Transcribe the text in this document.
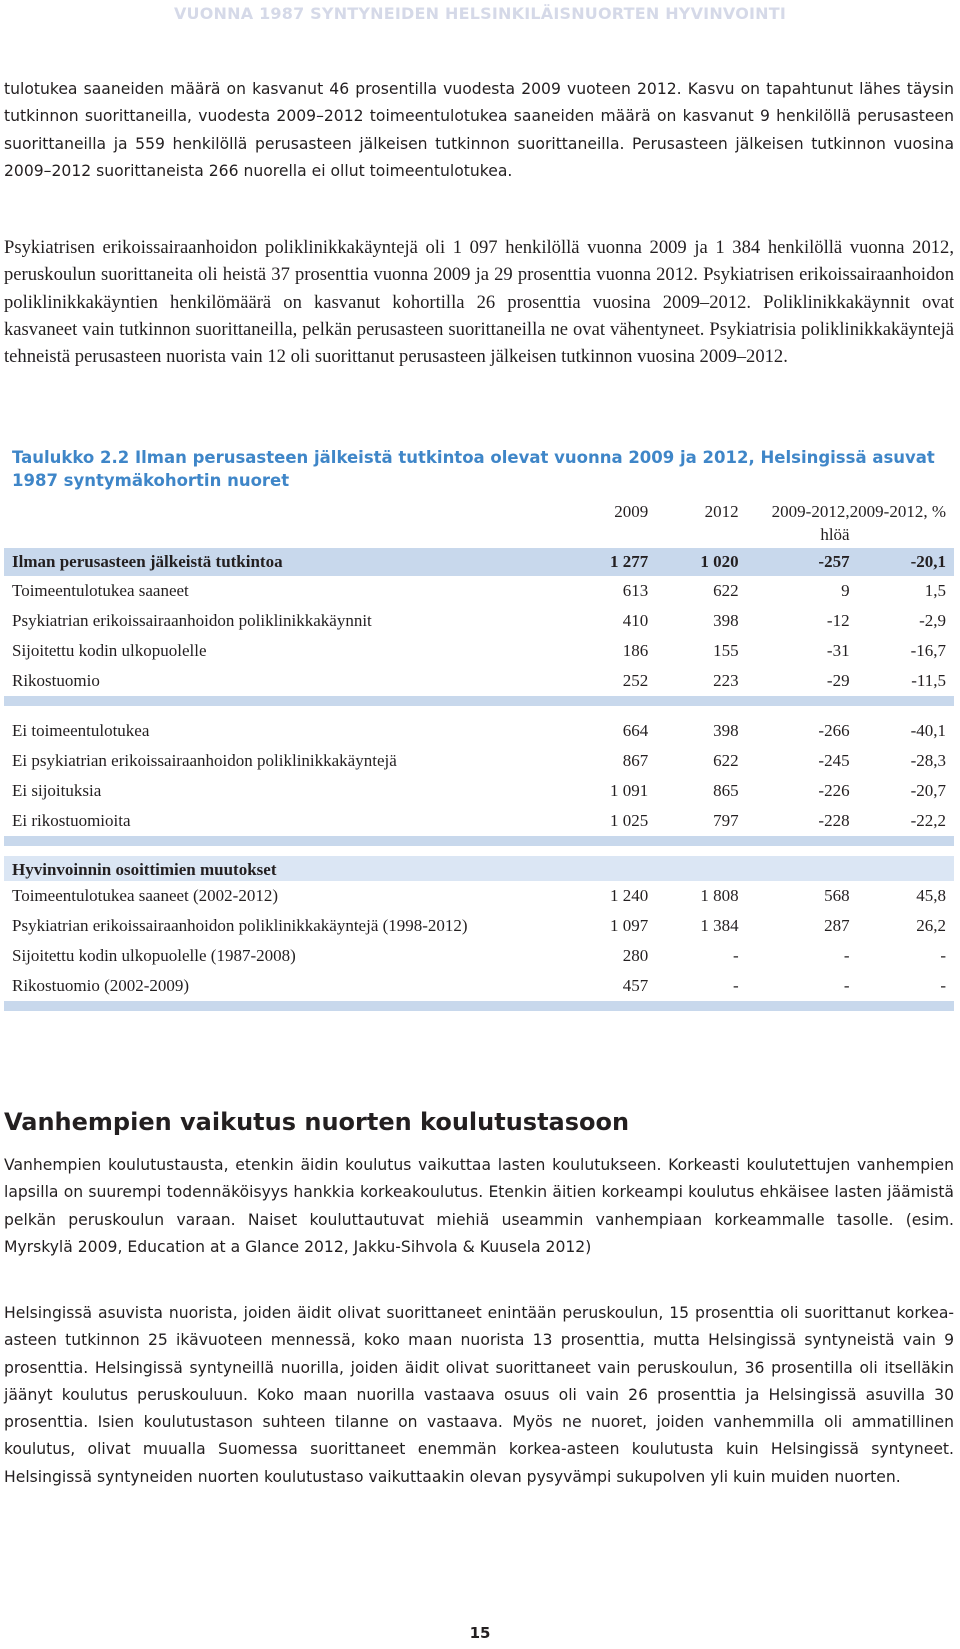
VUONNA 1987 SYNTYNEIDEN HELSINKILÄISNUORTEN HYVINVOINTI

tulotukea saaneiden määrä on kasvanut 46 prosentilla vuodesta 2009 vuoteen 2012. Kasvu on tapahtunut lähes täysin tutkinnon suorittaneilla, vuodesta 2009–2012 toimeentulotukea saaneiden määrä on kasvanut 9 henkilöllä perusasteen suorittaneilla ja 559 henkilöllä perusasteen jälkeisen tutkinnon suorittaneilla. Perusasteen jälkeisen tutkinnon vuosina 2009–2012 suorittaneista 266 nuorella ei ollut toimeentulotukea.

Psykiatrisen erikoissairaanhoidon poliklinikkakäyntejä oli 1 097 henkilöllä vuonna 2009 ja 1 384 henkilöllä vuonna 2012, peruskoulun suorittaneita oli heistä 37 prosenttia vuonna 2009 ja 29 prosenttia vuonna 2012. Psykiatrisen erikoissairaanhoidon poliklinikkakäyntien henkilömäärä on kasvanut kohortilla 26 prosenttia vuosina 2009–2012. Poliklinikkakäynnit ovat kasvaneet vain tutkinnon suorittaneilla, pelkän perusasteen suorittaneilla ne ovat vähentyneet. Psykiatrisia poliklinikkakäyntejä tehneistä perusasteen nuorista vain 12 oli suorittanut perusasteen jälkeisen tutkinnon vuosina 2009–2012.

Taulukko 2.2 Ilman perusasteen jälkeistä tutkintoa olevat vuonna 2009 ja 2012, Helsingissä asuvat 1987 syntymäkohortin nuoret

	2009	2012	2009-2012, hlöä	2009-2012, %
Ilman perusasteen jälkeistä tutkintoa	1 277	1 020	-257	-20,1
Toimeentulotukea saaneet	613	622	9	1,5
Psykiatrian erikoissairaanhoidon poliklinikkakäynnit	410	398	-12	-2,9
Sijoitettu kodin ulkopuolelle	186	155	-31	-16,7
Rikostuomio	252	223	-29	-11,5

Ei toimeentulotukea	664	398	-266	-40,1
Ei psykiatrian erikoissairaanhoidon poliklinikkakäyntejä	867	622	-245	-28,3
Ei sijoituksia	1 091	865	-226	-20,7
Ei rikostuomioita	1 025	797	-228	-22,2

Hyvinvoinnin osoittimien muutokset				
Toimeentulotukea saaneet (2002-2012)	1 240	1 808	568	45,8
Psykiatrian erikoissairaanhoidon poliklinikkakäyntejä (1998-2012)	1 097	1 384	287	26,2
Sijoitettu kodin ulkopuolelle (1987-2008)	280	-	-	-
Rikostuomio (2002-2009)	457	-	-	-

Vanhempien vaikutus nuorten koulutustasoon

Vanhempien koulutustausta, etenkin äidin koulutus vaikuttaa lasten koulutukseen. Korkeasti koulutettujen vanhempien lapsilla on suurempi todennäköisyys hankkia korkeakoulutus. Etenkin äitien korkeampi koulutus ehkäisee lasten jäämistä pelkän peruskoulun varaan. Naiset kouluttautuvat miehiä useammin vanhempiaan korkeammalle tasolle. (esim. Myrskylä 2009, Education at a Glance 2012, Jakku-Sihvola & Kuusela 2012)

Helsingissä asuvista nuorista, joiden äidit olivat suorittaneet enintään peruskoulun, 15 prosenttia oli suorittanut korkea-asteen tutkinnon 25 ikävuoteen mennessä, koko maan nuorista 13 prosenttia, mutta Helsingissä syntyneistä vain 9 prosenttia. Helsingissä syntyneillä nuorilla, joiden äidit olivat suorittaneet vain peruskoulun, 36 prosentilla oli itselläkin jäänyt koulutus peruskouluun. Koko maan nuorilla vastaava osuus oli vain 26 prosenttia ja Helsingissä asuvilla 30 prosenttia. Isien koulutustason suhteen tilanne on vastaava. Myös ne nuoret, joiden vanhemmilla oli ammatillinen koulutus, olivat muualla Suomessa suorittaneet enemmän korkea-asteen koulutusta kuin Helsingissä syntyneet. Helsingissä syntyneiden nuorten koulutustaso vaikuttaakin olevan pysyvämpi sukupolven yli kuin muiden nuorten.

15
